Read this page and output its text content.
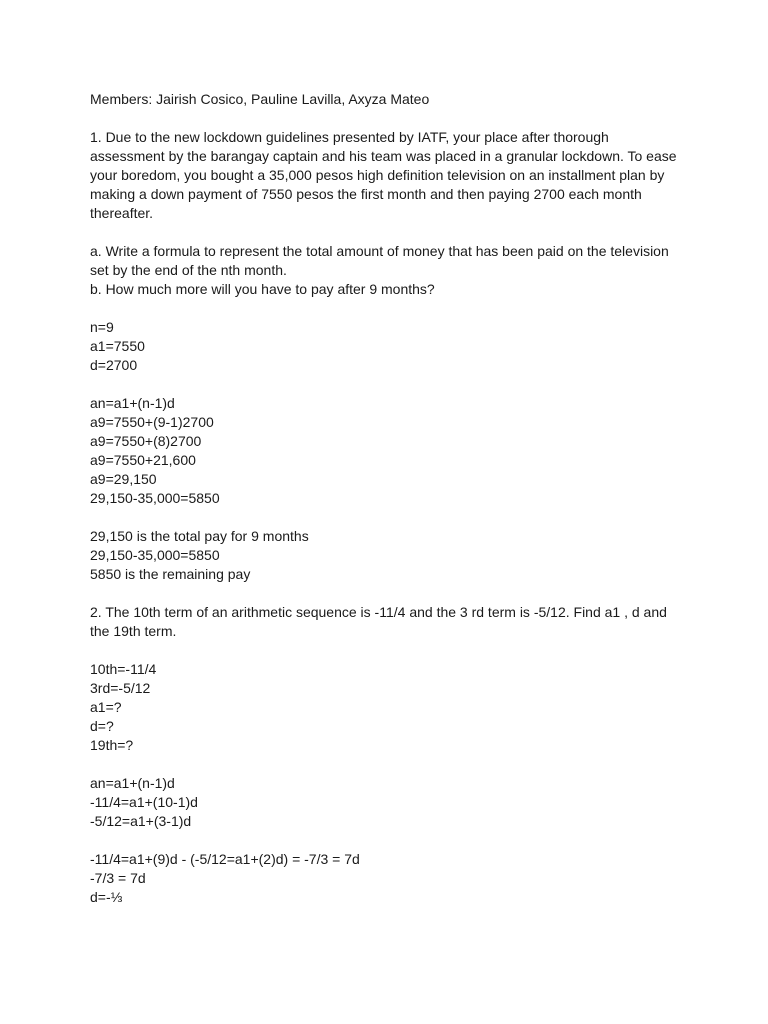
Members: Jairish Cosico, Pauline Lavilla, Axyza Mateo
1. Due to the new lockdown guidelines presented by IATF, your place after thorough
assessment by the barangay captain and his team was placed in a granular lockdown. To ease
your boredom, you bought a 35,000 pesos high definition television on an installment plan by
making a down payment of 7550 pesos the first month and then paying 2700 each month
thereafter.
a. Write a formula to represent the total amount of money that has been paid on the television
set by the end of the nth month.
b. How much more will you have to pay after 9 months?
n=9
a1=7550
d=2700
an=a1+(n-1)d
a9=7550+(9-1)2700
a9=7550+(8)2700
a9=7550+21,600
a9=29,150
29,150-35,000=5850
29,150 is the total pay for 9 months
29,150-35,000=5850
5850 is the remaining pay
2. The 10th term of an arithmetic sequence is -11/4 and the 3 rd term is -5/12. Find a1 , d and
the 19th term.
10th=-11/4
3rd=-5/12
a1=?
d=?
19th=?
an=a1+(n-1)d
-11/4=a1+(10-1)d
-5/12=a1+(3-1)d
-11/4=a1+(9)d - (-5/12=a1+(2)d) = -7/3 = 7d
-7/3 = 7d
d=-⅓
